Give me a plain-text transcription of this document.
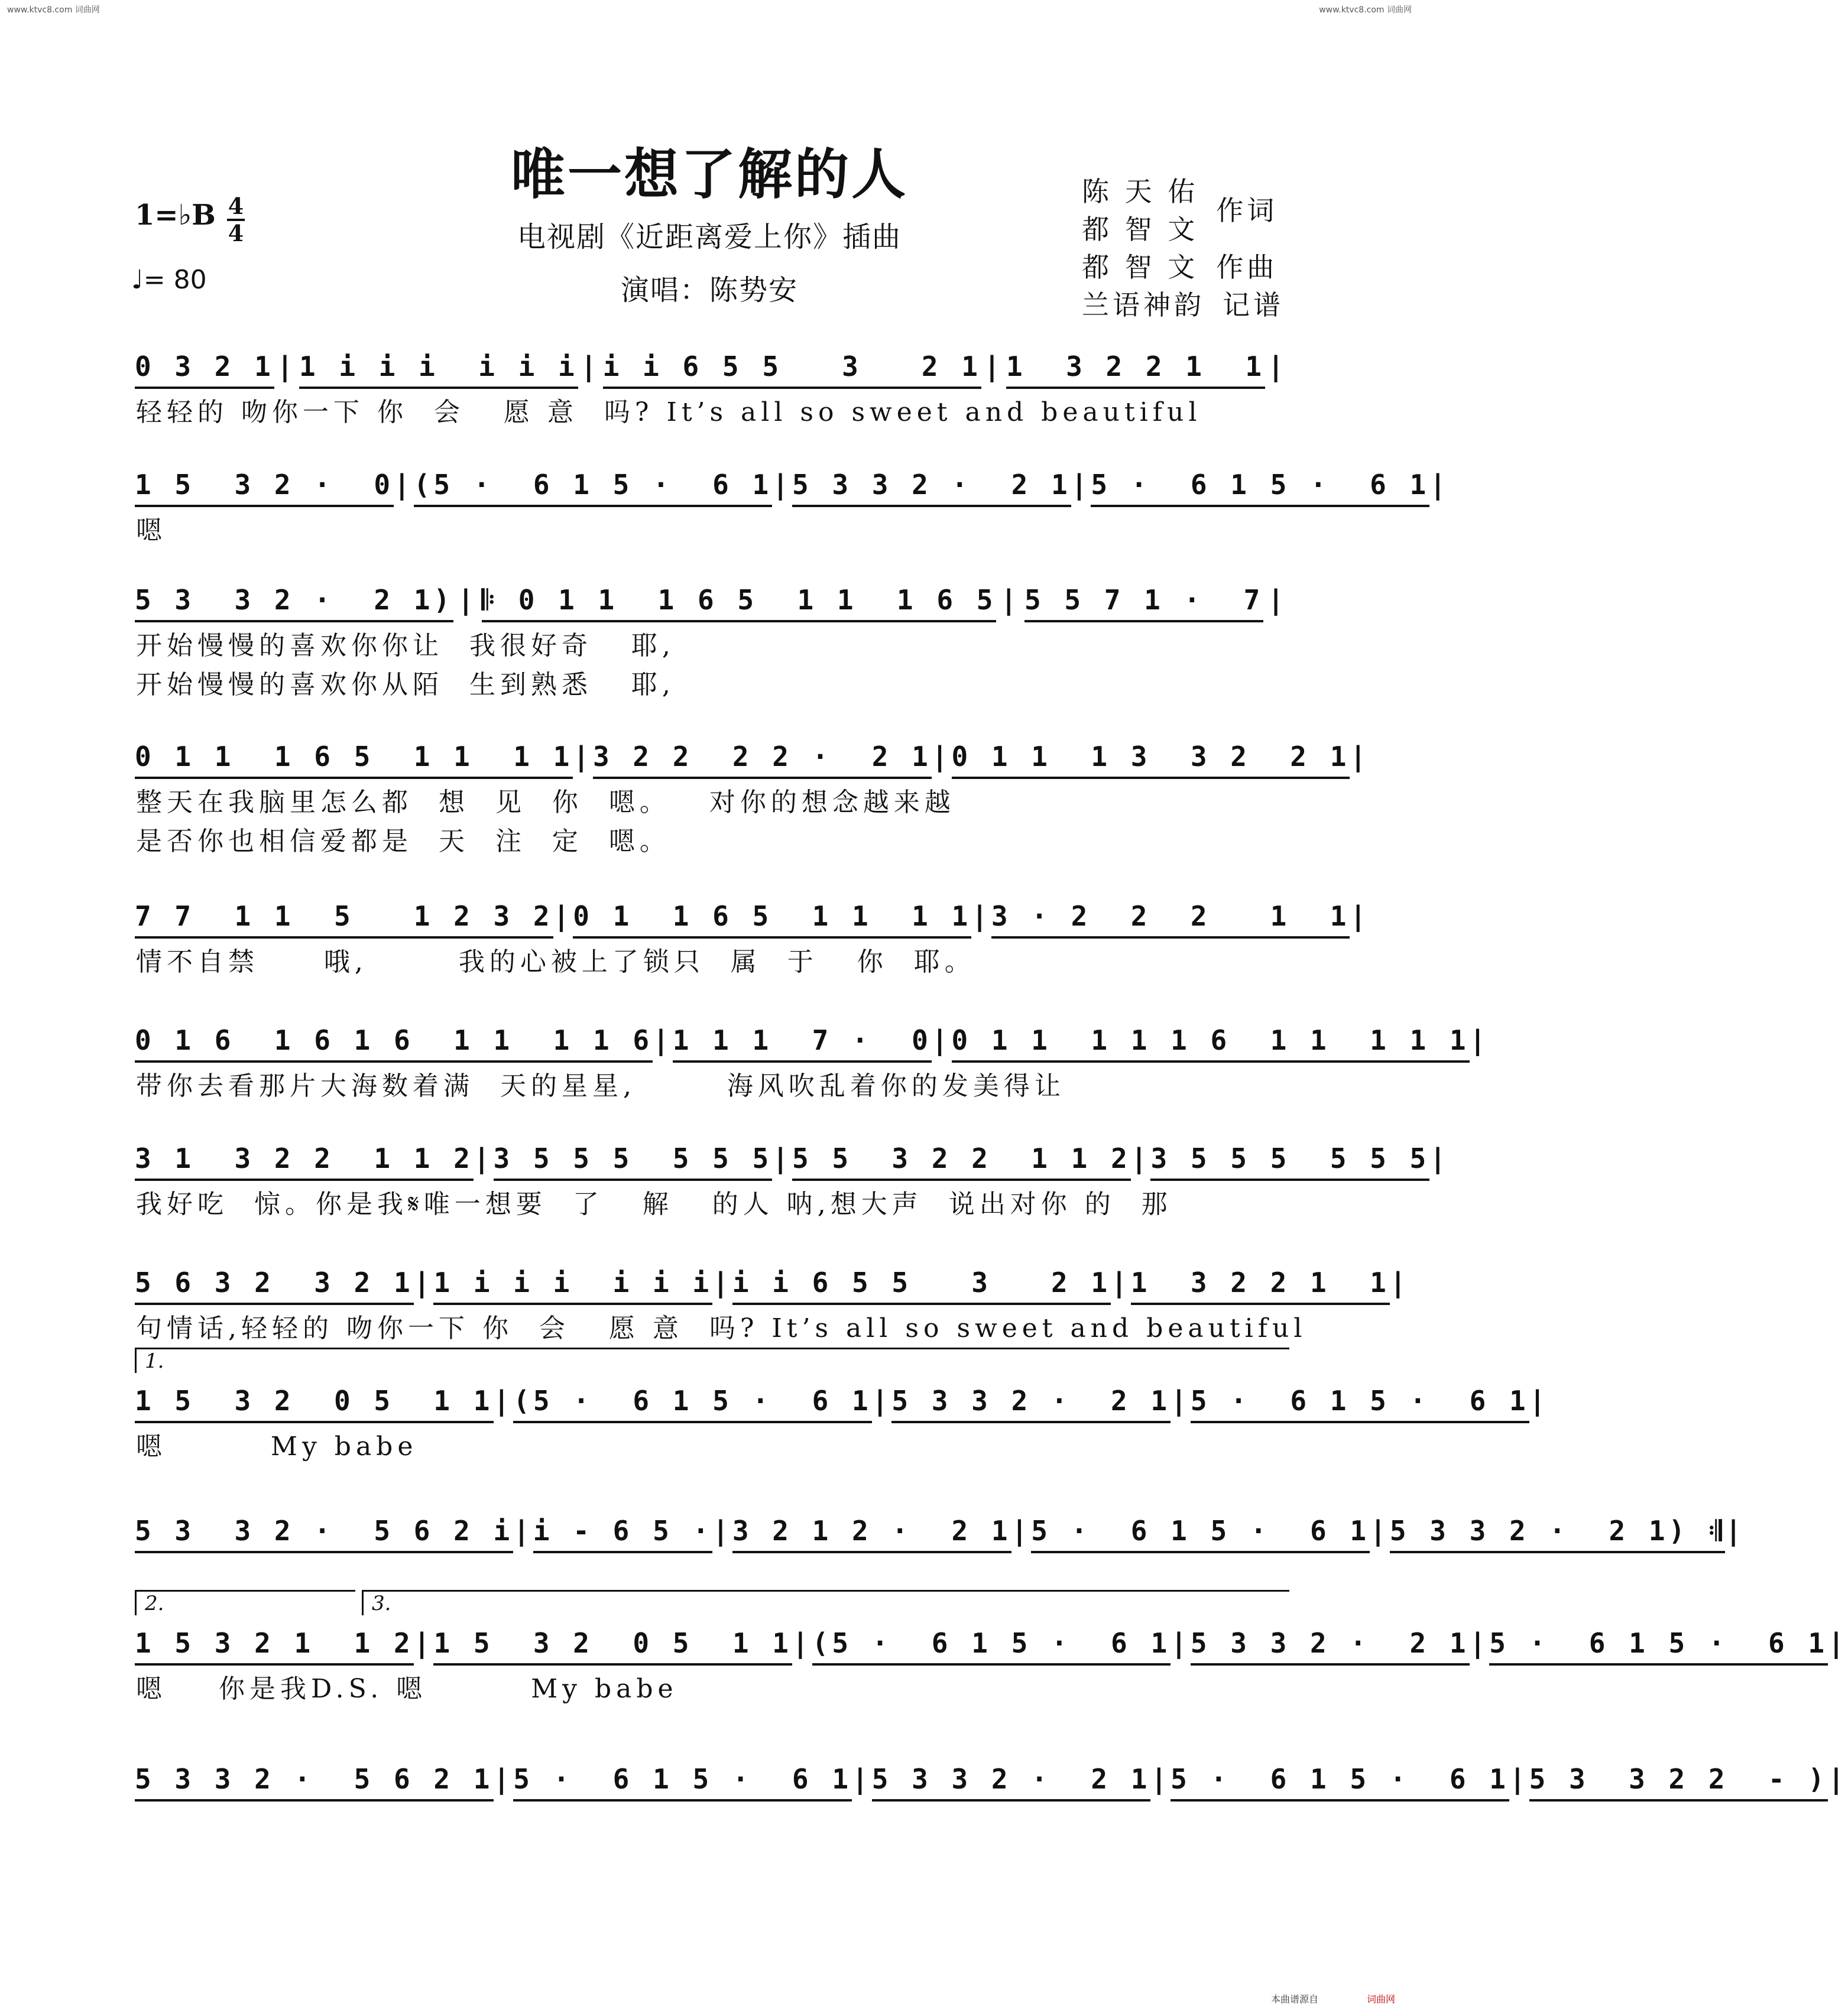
www.ktvc8.com 词曲网	www.ktvc8.com 词曲网
唯一想了解的人
电视剧《近距离爱上你》插曲
演唱：陈势安
陈 天 佑
都 智 文
作词
都 智 文 作曲
兰语神韵 记谱
1=♭B 4
4
♩= 80
0 3 2 1 | 1 i i i  i i i | i i 6 5 5   3   2 1 | 1  3 2 2 1  1 |
轻轻的 吻你一下 你  会   愿 意  吗? It’s all so sweet and beautiful
1 5  3 2 ·  0 | (5 ·  6 1 5 ·  6 1 | 5 3 3 2 ·  2 1 | 5 ·  6 1 5 ·  6 1 |
嗯
5 3  3 2 ·  2 1) | 𝄆 0 1 1  1 6 5  1 1  1 6 5 | 5 5 7 1 ·  7 |
开始慢慢的喜欢你你让  我很好奇   耶,
开始慢慢的喜欢你从陌  生到熟悉   耶,
0 1 1  1 6 5  1 1  1 1 | 3 2 2  2 2 ·  2 1 | 0 1 1  1 3  3 2  2 1 |
整天在我脑里怎么都  想  见  你  嗯。   对你的想念越来越
是否你也相信爱都是  天  注  定  嗯。
7 7  1 1  5   1 2 3 2 | 0 1  1 6 5  1 1  1 1 | 3 · 2  2  2   1  1 |
情不自禁     哦,       我的心被上了锁只  属  于   你  耶。
0 1 6  1 6 1 6  1 1  1 1 6 | 1 1 1  7 ·  0 | 0 1 1  1 1 1 6  1 1  1 1 1 |
带你去看那片大海数着满  天的星星,       海风吹乱着你的发美得让
3 1  3 2 2  1 1 2 | 3 5 5 5  5 5 5 | 5 5  3 2 2  1 1 2 | 3 5 5 5  5 5 5 |
我好吃  惊。你是我𝄋唯一想要  了   解   的人 呐,想大声  说出对你 的  那
5 6 3 2  3 2 1 | 1 i i i  i i i | i i 6 5 5   3   2 1 | 1  3 2 2 1  1 |
句情话,轻轻的 吻你一下 你  会   愿 意  吗? It’s all so sweet and beautiful
1.
1 5  3 2  0 5  1 1 | (5 ·  6 1 5 ·  6 1 | 5 3 3 2 ·  2 1 | 5 ·  6 1 5 ·  6 1 |
嗯        My babe
5 3  3 2 ·  5 6 2 i | i - 6 5 · | 3 2 1 2 ·  2 1 | 5 ·  6 1 5 ·  6 1 | 5 3 3 2 ·  2 1) 𝄇 |
2.	3.
1 5 3 2 1  1 2 | 1 5  3 2  0 5  1 1 | (5 ·  6 1 5 ·  6 1 | 5 3 3 2 ·  2 1 | 5 ·  6 1 5 ·  6 1 |
嗯    你是我D.S. 嗯        My babe
5 3 3 2 ·  5 6 2 1 | 5 ·  6 1 5 ·  6 1 | 5 3 3 2 ·  2 1 | 5 ·  6 1 5 ·  6 1 | 5 3  3 2 2  - ) |
本曲谱源自	词曲网
